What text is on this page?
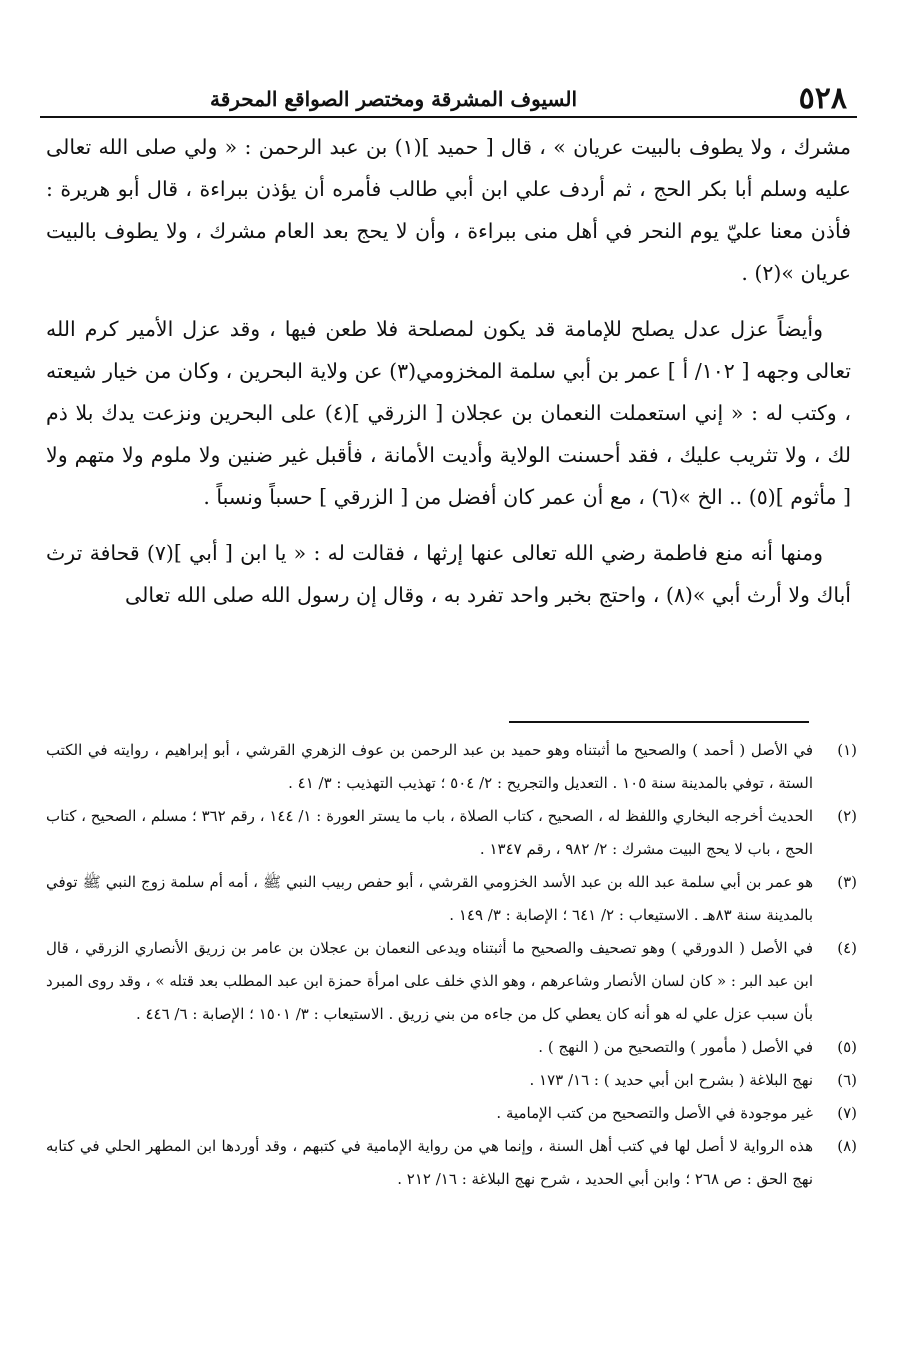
٥٢٨
السيوف المشرقة ومختصر الصواقع المحرقة

مشرك ، ولا يطوف بالبيت عريان » ، قال [ حميد ](١) بن عبد الرحمن : « ولي صلى الله تعالى عليه وسلم أبا بكر الحج ، ثم أردف علي ابن أبي طالب فأمره أن يؤذن ببراءة ، قال أبو هريرة : فأذن معنا عليّ يوم النحر في أهل منى ببراءة ، وأن لا يحج بعد العام مشرك ، ولا يطوف بالبيت عريان »(٢) .

وأيضاً عزل عدل يصلح للإمامة قد يكون لمصلحة فلا طعن فيها ، وقد عزل الأمير كرم الله تعالى وجهه [ ١٠٢/ أ ] عمر بن أبي سلمة المخزومي(٣) عن ولاية البحرين ، وكان من خيار شيعته ، وكتب له : « إني استعملت النعمان بن عجلان [ الزرقي ](٤) على البحرين ونزعت يدك بلا ذم لك ، ولا تثريب عليك ، فقد أحسنت الولاية وأديت الأمانة ، فأقبل غير ضنين ولا ملوم ولا متهم ولا [ مأثوم ](٥) .. الخ »(٦) ، مع أن عمر كان أفضل من [ الزرقي ] حسباً ونسباً .

ومنها أنه منع فاطمة رضي الله تعالى عنها إرثها ، فقالت له : « يا ابن [ أبي ](٧) قحافة ترث أباك ولا أرث أبي »(٨) ، واحتج بخبر واحد تفرد به ، وقال إن رسول الله صلى الله تعالى

(١)
في الأصل ( أحمد ) والصحيح ما أثبتناه وهو حميد بن عبد الرحمن بن عوف الزهري القرشي ، أبو إبراهيم ، روايته في الكتب الستة ، توفي بالمدينة سنة ١٠٥ . التعديل والتجريح : ٢/ ٥٠٤ ؛ تهذيب التهذيب : ٣/ ٤١ .
(٢)
الحديث أخرجه البخاري واللفظ له ، الصحيح ، كتاب الصلاة ، باب ما يستر العورة : ١/ ١٤٤ ، رقم ٣٦٢ ؛ مسلم ، الصحيح ، كتاب الحج ، باب لا يحج البيت مشرك : ٢/ ٩٨٢ ، رقم ١٣٤٧ .
(٣)
هو عمر بن أبي سلمة عبد الله بن عبد الأسد الخزومي القرشي ، أبو حفص ربيب النبي ﷺ ، أمه أم سلمة زوج النبي ﷺ توفي بالمدينة سنة ٨٣هـ . الاستيعاب : ٢/ ٦٤١ ؛ الإصابة : ٣/ ١٤٩ .
(٤)
في الأصل ( الدورقي ) وهو تصحيف والصحيح ما أثبتناه ويدعى النعمان بن عجلان بن عامر بن زريق الأنصاري الزرقي ، قال ابن عبد البر : « كان لسان الأنصار وشاعرهم ، وهو الذي خلف على امرأة حمزة ابن عبد المطلب بعد قتله » ، وقد روى المبرد بأن سبب عزل علي له هو أنه كان يعطي كل من جاءه من بني زريق . الاستيعاب : ٣/ ١٥٠١ ؛ الإصابة : ٦/ ٤٤٦ .
(٥)
في الأصل ( مأمور ) والتصحيح من ( النهج ) .
(٦)
نهج البلاغة ( بشرح ابن أبي حديد ) : ١٦/ ١٧٣ .
(٧)
غير موجودة في الأصل والتصحيح من كتب الإمامية .
(٨)
هذه الرواية لا أصل لها في كتب أهل السنة ، وإنما هي من رواية الإمامية في كتبهم ، وقد أوردها ابن المطهر الحلي في كتابه نهج الحق : ص ٢٦٨ ؛ وابن أبي الحديد ، شرح نهج البلاغة : ١٦/ ٢١٢ .
